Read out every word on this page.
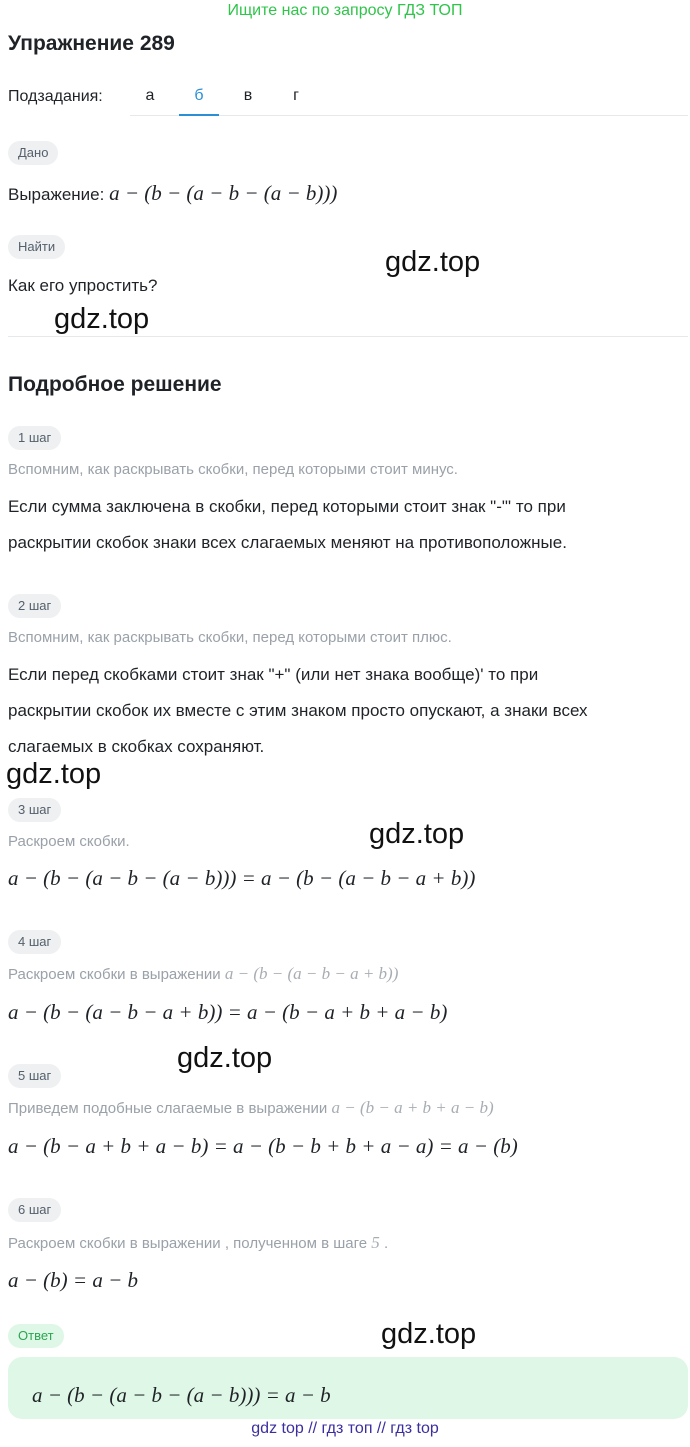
Ищите нас по запросу ГДЗ ТОП
Упражнение 289
Подзадания:	а	б	в	г
Дано
Выражение: a − (b − (a − b − (a − b)))
Найти
Как его упростить?
Подробное решение
1 шаг
Вспомним, как раскрывать скобки, перед которыми стоит минус.
Если сумма заключена в скобки, перед которыми стоит знак "-"' то при
раскрытии скобок знаки всех слагаемых меняют на противоположные.
2 шаг
Вспомним, как раскрывать скобки, перед которыми стоит плюс.
Если перед скобками стоит знак "+" (или нет знака вообще)' то при
раскрытии скобок их вместе с этим знаком просто опускают, а знаки всех
слагаемых в скобках сохраняют.
3 шаг
Раскроем скобки.
a − (b − (a − b − (a − b))) = a − (b − (a − b − a + b))
4 шаг
Раскроем скобки в выражении a − (b − (a − b − a + b))
a − (b − (a − b − a + b)) = a − (b − a + b + a − b)
5 шаг
Приведем подобные слагаемые в выражении a − (b − a + b + a − b)
a − (b − a + b + a − b) = a − (b − b + b + a − a) = a − (b)
6 шаг
Раскроем скобки в выражении , полученном в шаге 5 .
a − (b) = a − b
Ответ
a − (b − (a − b − (a − b))) = a − b
gdz.top
gdz.top
gdz.top
gdz.top
gdz.top
gdz.top
gdz top // гдз топ // гдз top
